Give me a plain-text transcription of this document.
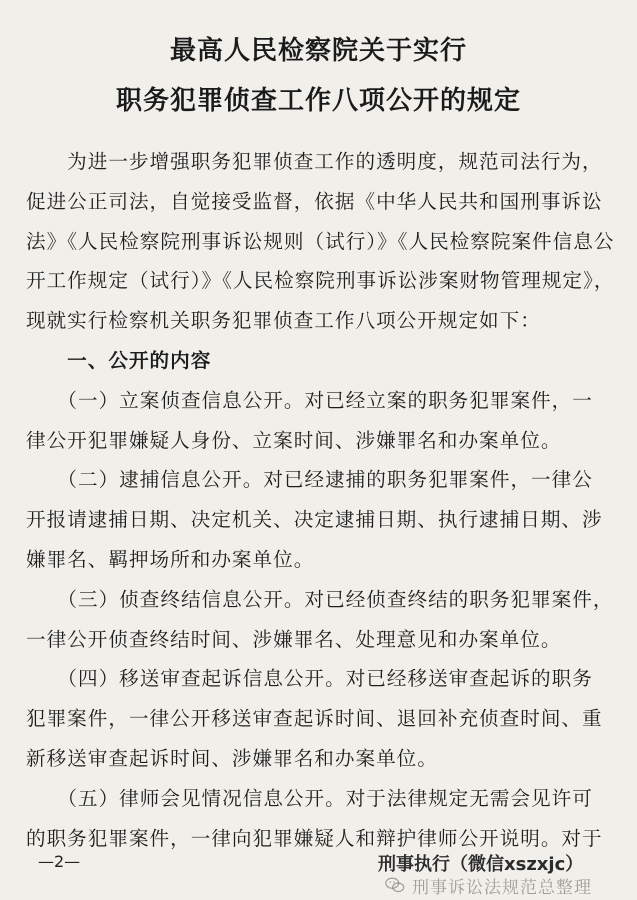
最高人民检察院关于实行
职务犯罪侦查工作八项公开的规定
　　为进一步增强职务犯罪侦查工作的透明度，规范司法行为，
促进公正司法，自觉接受监督，依据《中华人民共和国刑事诉讼
法》《人民检察院刑事诉讼规则（试行）》《人民检察院案件信息公
开工作规定（试行）》《人民检察院刑事诉讼涉案财物管理规定》，
现就实行检察机关职务犯罪侦查工作八项公开规定如下：
　　一、公开的内容
　　（一）立案侦查信息公开。对已经立案的职务犯罪案件，一
律公开犯罪嫌疑人身份、立案时间、涉嫌罪名和办案单位。
　　（二）逮捕信息公开。对已经逮捕的职务犯罪案件，一律公
开报请逮捕日期、决定机关、决定逮捕日期、执行逮捕日期、涉
嫌罪名、羁押场所和办案单位。
　　（三）侦查终结信息公开。对已经侦查终结的职务犯罪案件，
一律公开侦查终结时间、涉嫌罪名、处理意见和办案单位。
　　（四）移送审查起诉信息公开。对已经移送审查起诉的职务
犯罪案件，一律公开移送审查起诉时间、退回补充侦查时间、重
新移送审查起诉时间、涉嫌罪名和办案单位。
　　（五）律师会见情况信息公开。对于法律规定无需会见许可
的职务犯罪案件，一律向犯罪嫌疑人和辩护律师公开说明。对于
—2—	刑事执行（微信xszxjc）
刑事诉讼法规范总整理
